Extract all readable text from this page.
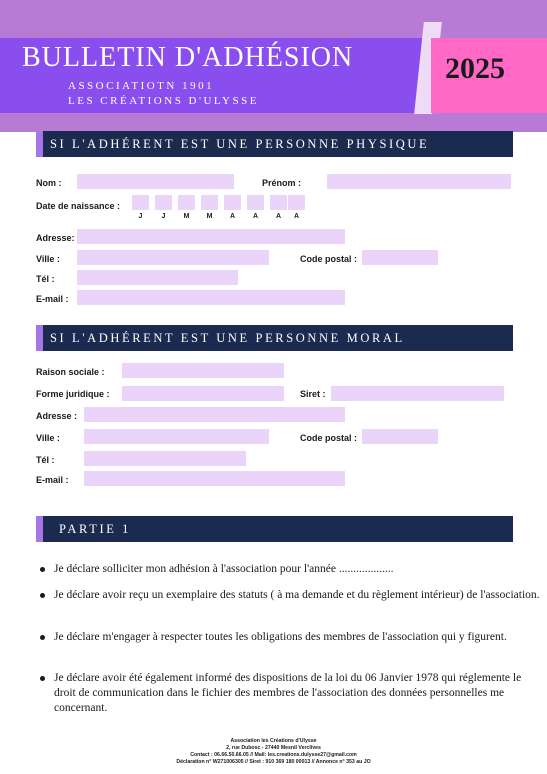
BULLETIN D'ADHÉSION
ASSOCIATIOTN 1901
LES CRÉATIONS D'ULYSSE
2025
SI L'ADHÉRENT EST UNE PERSONNE PHYSIQUE
Nom :	Prénom :
Date de naissance :
J	J	M	M	A	A	A	A
Adresse:
Ville :	Code postal :
Tél :
E-mail :
SI L'ADHÉRENT EST UNE PERSONNE MORAL
Raison sociale :
Forme juridique :	Siret :
Adresse :
Ville :	Code postal :
Tél :
E-mail :
PARTIE 1
Je déclare solliciter mon adhésion à l'association pour l'année ...................
Je déclare avoir reçu un exemplaire des statuts ( à ma demande et du règlement intérieur) de l'association.
Je déclare m'engager à respecter toutes les obligations des membres de l'association qui y figurent.
Je déclare avoir été également informé des dispositions de la loi du 06 Janvier 1978 qui réglemente le droit de communication dans le fichier des membres de l'association des données personnelles me concernant.
Association les Créations d'Ulysse
2, rue Dubosc - 27440 Mesnil Verclives
Contact : 06.66.50.66.05 // Mail: les.creations.dulysse27@gmail.com
Déclaration n° W271006305 // Siret : 910 369 180 00013 // Annonce n° 353 au JO
